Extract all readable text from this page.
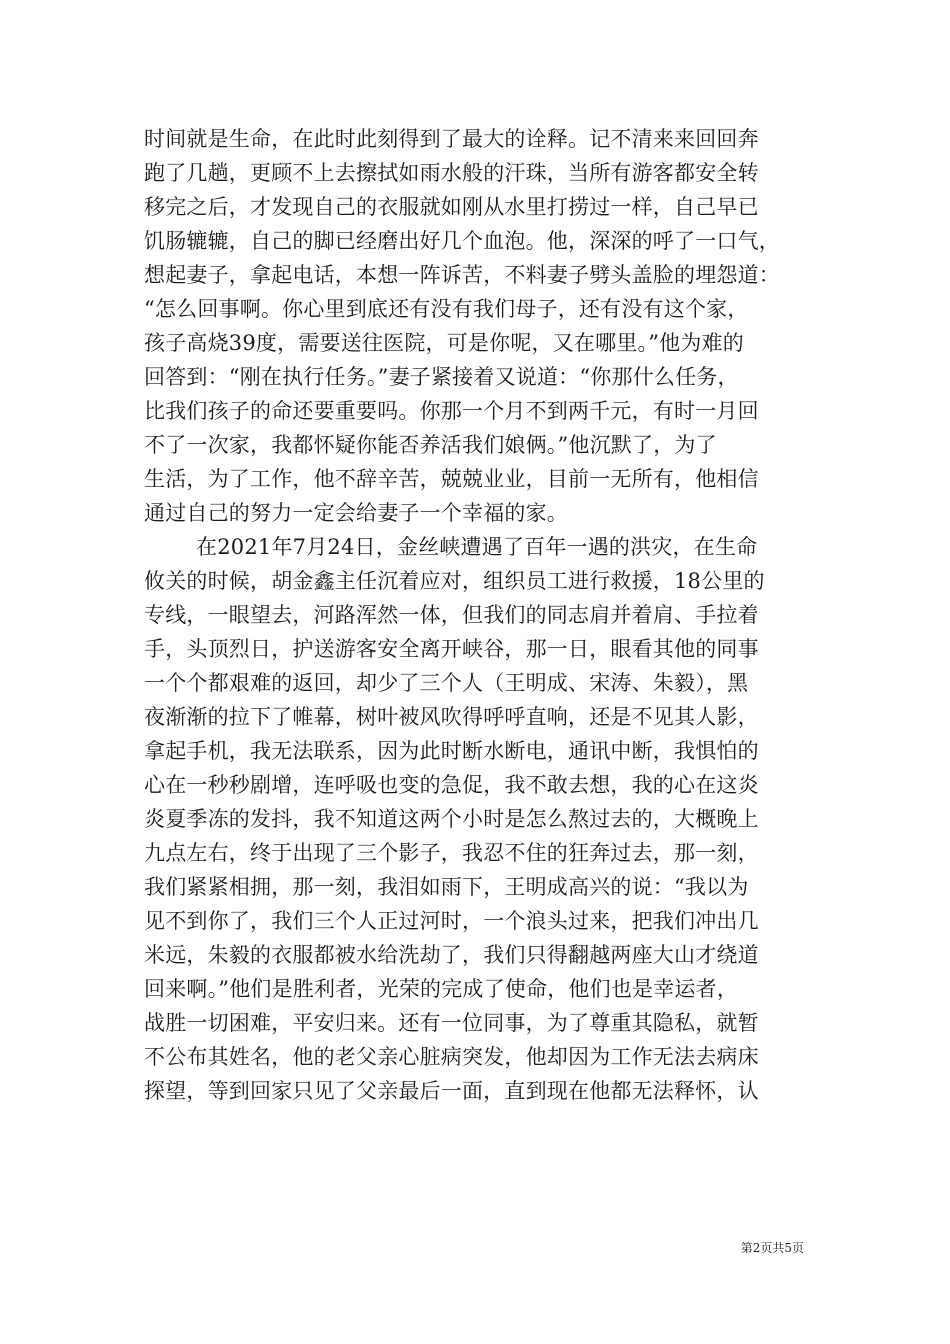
时间就是生命，在此时此刻得到了最大的诠释。记不清来来回回奔
跑了几趟，更顾不上去擦拭如雨水般的汗珠，当所有游客都安全转
移完之后，才发现自己的衣服就如刚从水里打捞过一样，自己早已
饥肠辘辘，自己的脚已经磨出好几个血泡。他，深深的呼了一口气，
想起妻子，拿起电话，本想一阵诉苦，不料妻子劈头盖脸的埋怨道：
“怎么回事啊。你心里到底还有没有我们母子，还有没有这个家，
孩子高烧39度，需要送往医院，可是你呢，又在哪里。”他为难的
回答到：“刚在执行任务。”妻子紧接着又说道：“你那什么任务，
比我们孩子的命还要重要吗。你那一个月不到两千元，有时一月回
不了一次家，我都怀疑你能否养活我们娘俩。”他沉默了，为了
生活，为了工作，他不辞辛苦，兢兢业业，目前一无所有，他相信
通过自己的努力一定会给妻子一个幸福的家。
在2021年7月24日，金丝峡遭遇了百年一遇的洪灾，在生命
攸关的时候，胡金鑫主任沉着应对，组织员工进行救援，18公里的
专线，一眼望去，河路浑然一体，但我们的同志肩并着肩、手拉着
手，头顶烈日，护送游客安全离开峡谷，那一日，眼看其他的同事
一个个都艰难的返回，却少了三个人（王明成、宋涛、朱毅），黑
夜渐渐的拉下了帷幕，树叶被风吹得呼呼直响，还是不见其人影，
拿起手机，我无法联系，因为此时断水断电，通讯中断，我惧怕的
心在一秒秒剧增，连呼吸也变的急促，我不敢去想，我的心在这炎
炎夏季冻的发抖，我不知道这两个小时是怎么熬过去的，大概晚上
九点左右，终于出现了三个影子，我忍不住的狂奔过去，那一刻，
我们紧紧相拥，那一刻，我泪如雨下，王明成高兴的说：“我以为
见不到你了，我们三个人正过河时，一个浪头过来，把我们冲出几
米远，朱毅的衣服都被水给洗劫了，我们只得翻越两座大山才绕道
回来啊。”他们是胜利者，光荣的完成了使命，他们也是幸运者，
战胜一切困难，平安归来。还有一位同事，为了尊重其隐私，就暂
不公布其姓名，他的老父亲心脏病突发，他却因为工作无法去病床
探望，等到回家只见了父亲最后一面，直到现在他都无法释怀，认
第2页共5页
